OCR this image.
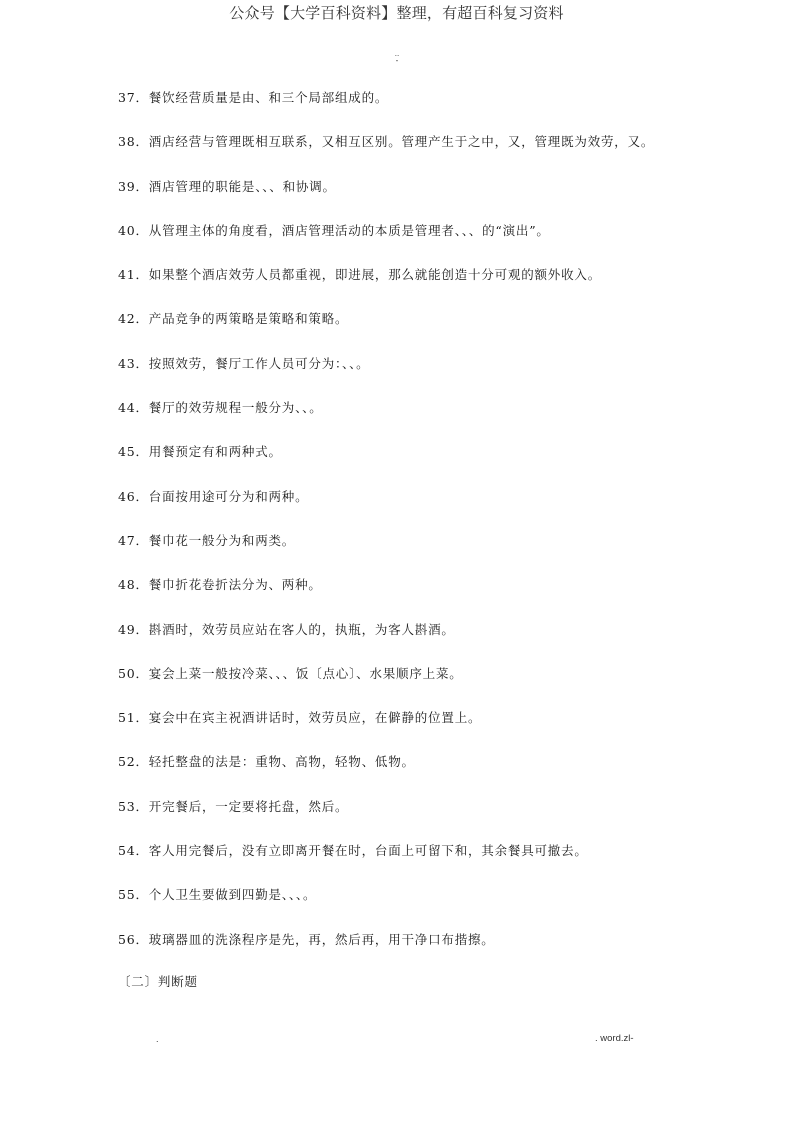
公众号【大学百科资料】整理，有超百科复习资料
..
-
37．餐饮经营质量是由、和三个局部组成的。
38．酒店经营与管理既相互联系，又相互区别。管理产生于之中，又，管理既为效劳，又。
39．酒店管理的职能是、、、和协调。
40．从管理主体的角度看，酒店管理活动的本质是管理者、、、的“演出”。
41．如果整个酒店效劳人员都重视，即进展，那么就能创造十分可观的额外收入。
42．产品竞争的两策略是策略和策略。
43．按照效劳，餐厅工作人员可分为：、、。
44．餐厅的效劳规程一般分为、、。
45．用餐预定有和两种式。
46．台面按用途可分为和两种。
47．餐巾花一般分为和两类。
48．餐巾折花卷折法分为、两种。
49．斟酒时，效劳员应站在客人的，执瓶，为客人斟酒。
50．宴会上菜一般按冷菜、、、饭〔点心〕、水果顺序上菜。
51．宴会中在宾主祝酒讲话时，效劳员应，在僻静的位置上。
52．轻托整盘的法是：重物、高物，轻物、低物。
53．开完餐后，一定要将托盘，然后。
54．客人用完餐后，没有立即离开餐在时，台面上可留下和，其余餐具可撤去。
55．个人卫生要做到四勤是、、、。
56．玻璃器皿的洗涤程序是先，再，然后再，用干净口布揩擦。
〔二〕判断题
.	. word.zl-
